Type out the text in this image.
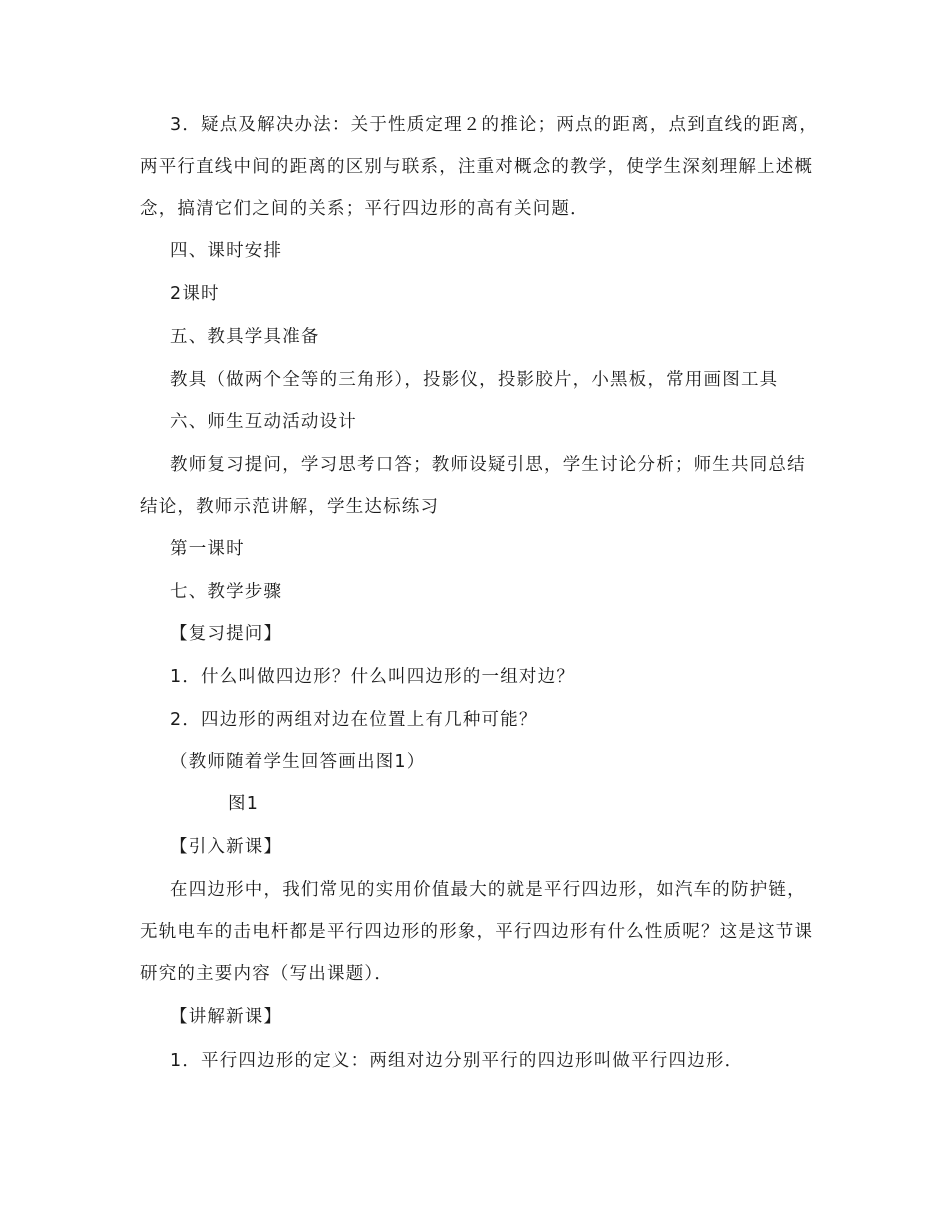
3．疑点及解决办法：关于性质定理２的推论；两点的距离，点到直线的距离，
两平行直线中间的距离的区别与联系，注重对概念的教学，使学生深刻理解上述概
念，搞清它们之间的关系；平行四边形的高有关问题．
四、课时安排
2课时
五、教具学具准备
教具（做两个全等的三角形），投影仪，投影胶片，小黑板，常用画图工具
六、师生互动活动设计
教师复习提问，学习思考口答；教师设疑引思，学生讨论分析；师生共同总结
结论，教师示范讲解，学生达标练习
第一课时
七、教学步骤
【复习提问】
1．什么叫做四边形？什么叫四边形的一组对边？
2．四边形的两组对边在位置上有几种可能？
（教师随着学生回答画出图1）
图1
【引入新课】
在四边形中，我们常见的实用价值最大的就是平行四边形，如汽车的防护链，
无轨电车的击电杆都是平行四边形的形象，平行四边形有什么性质呢？这是这节课
研究的主要内容（写出课题）．
【讲解新课】
1．平行四边形的定义：两组对边分别平行的四边形叫做平行四边形．
